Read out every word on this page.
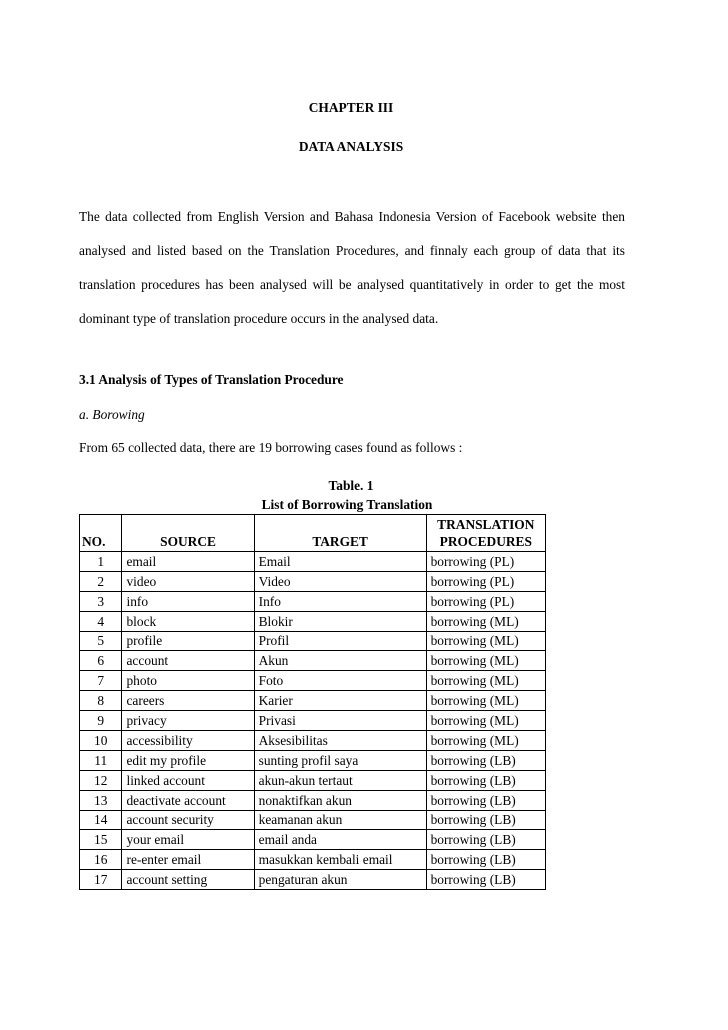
CHAPTER III
DATA ANALYSIS
The data collected from English Version and Bahasa Indonesia Version of Facebook website then analysed and listed based on the Translation Procedures, and finnaly each group of data that its translation procedures has been analysed will be analysed quantitatively in order to get the most dominant type of translation procedure occurs in the analysed data.
3.1 Analysis of Types of Translation Procedure
a. Borowing
From 65 collected data, there are 19 borrowing cases found as follows :
Table. 1
List of Borrowing Translation
NO.	SOURCE	TARGET	TRANSLATION
PROCEDURES

1	email	Email	borrowing (PL)
2	video	Video	borrowing (PL)
3	info	Info	borrowing (PL)
4	block	Blokir	borrowing (ML)
5	profile	Profil	borrowing (ML)
6	account	Akun	borrowing (ML)
7	photo	Foto	borrowing (ML)
8	careers	Karier	borrowing (ML)
9	privacy	Privasi	borrowing (ML)
10	accessibility	Aksesibilitas	borrowing (ML)
11	edit my profile	sunting profil saya	borrowing (LB)
12	linked account	akun-akun tertaut	borrowing (LB)
13	deactivate account	nonaktifkan akun	borrowing (LB)
14	account security	keamanan akun	borrowing (LB)
15	your email	email anda	borrowing (LB)
16	re-enter email	masukkan kembali email	borrowing (LB)
17	account setting	pengaturan akun	borrowing (LB)
